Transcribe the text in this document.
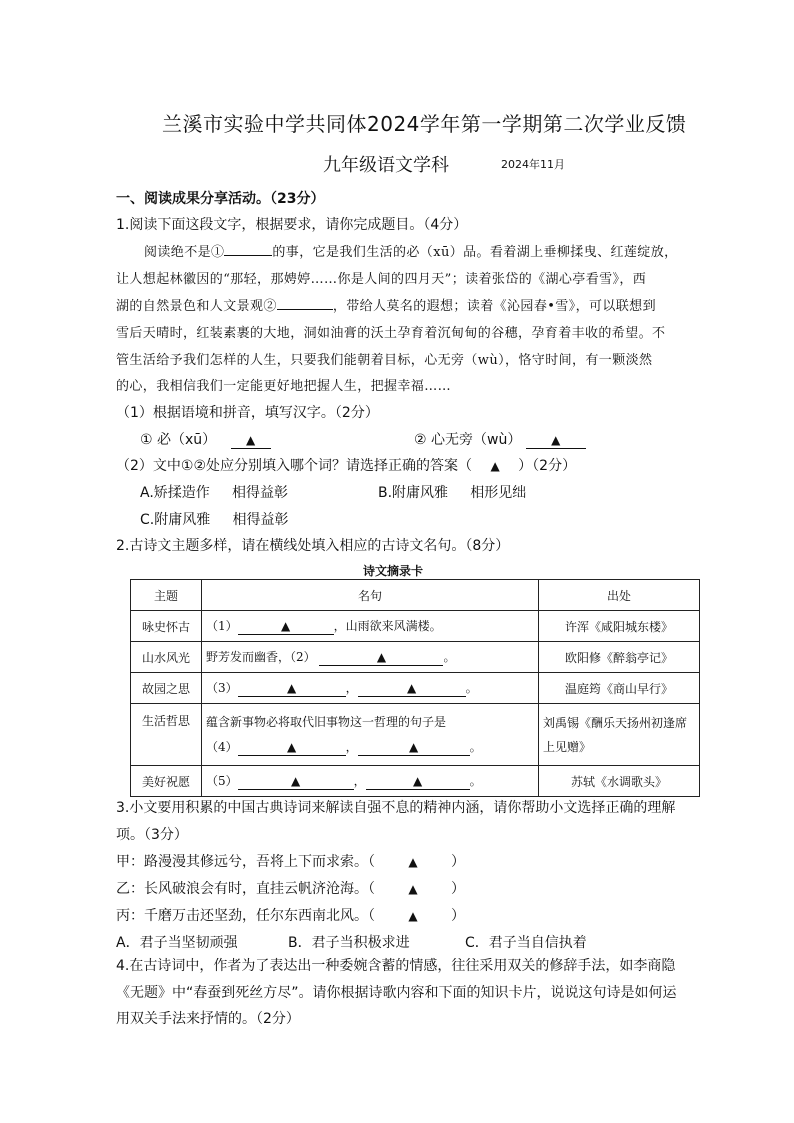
兰溪市实验中学共同体2024学年第一学期第二次学业反馈
九年级语文学科	2024年11月
一、阅读成果分享活动。（23分）
1.阅读下面这段文字，根据要求，请你完成题目。（4分）
阅读绝不是①	的事，它是我们生活的必（xū）品。看着湖上垂柳揉曳、红莲绽放，
让人想起林徽因的“那轻，那娉婷……你是人间的四月天”；读着张岱的《湖心亭看雪》，西
湖的自然景色和人文景观②	，带给人莫名的遐想；读着《沁园春•雪》，可以联想到
雪后天晴时，红装素裹的大地，洞如油膏的沃土孕育着沉甸甸的谷穗，孕育着丰收的希望。不
管生活给予我们怎样的人生，只要我们能朝着目标，心无旁（wù），恪守时间，有一颗淡然
的心，我相信我们一定能更好地把握人生，把握幸福……
（1）根据语境和拼音，填写汉字。（2分）
① 必（xū） ▲	② 心无旁（wù） ▲
（2）文中①②处应分别填入哪个词？请选择正确的答案（ ▲ ）（2分）
A.矫揉造作     相得益彰	B.附庸风雅     相形见绌
C.附庸风雅     相得益彰
2.古诗文主题多样，请在横线处填入相应的古诗文名句。（8分）
诗文摘录卡
主题	名句	出处
咏史怀古	（1） ▲ ，山雨欲来风满楼。	许浑《咸阳城东楼》
山水风光	野芳发而幽香，（2） ▲ 。	欧阳修《醉翁亭记》
故园之思	（3） ▲ ， ▲ 。	温庭筠《商山早行》
生活哲思	蕴含新事物必将取代旧事物这一哲理的句子是
（4） ▲ ， ▲ 。	刘禹锡《酬乐天扬州初逢席上见赠》
美好祝愿	（5） ▲ ， ▲ 。	苏轼《水调歌头》
3.小文要用积累的中国古典诗词来解读自强不息的精神内涵，请你帮助小文选择正确的理解
项。（3分）
甲：路漫漫其修远兮，吾将上下而求索。（	▲ ）
乙：长风破浪会有时，直挂云帆济沧海。（	▲ ）
丙：千磨万击还坚劲，任尔东西南北风。（	▲ ）
A．君子当坚韧顽强	B．君子当积极求进	C．君子当自信执着
4.在古诗词中，作者为了表达出一种委婉含蓄的情感，往往采用双关的修辞手法，如李商隐
《无题》中“春蚕到死丝方尽”。请你根据诗歌内容和下面的知识卡片，说说这句诗是如何运
用双关手法来抒情的。（2分）
